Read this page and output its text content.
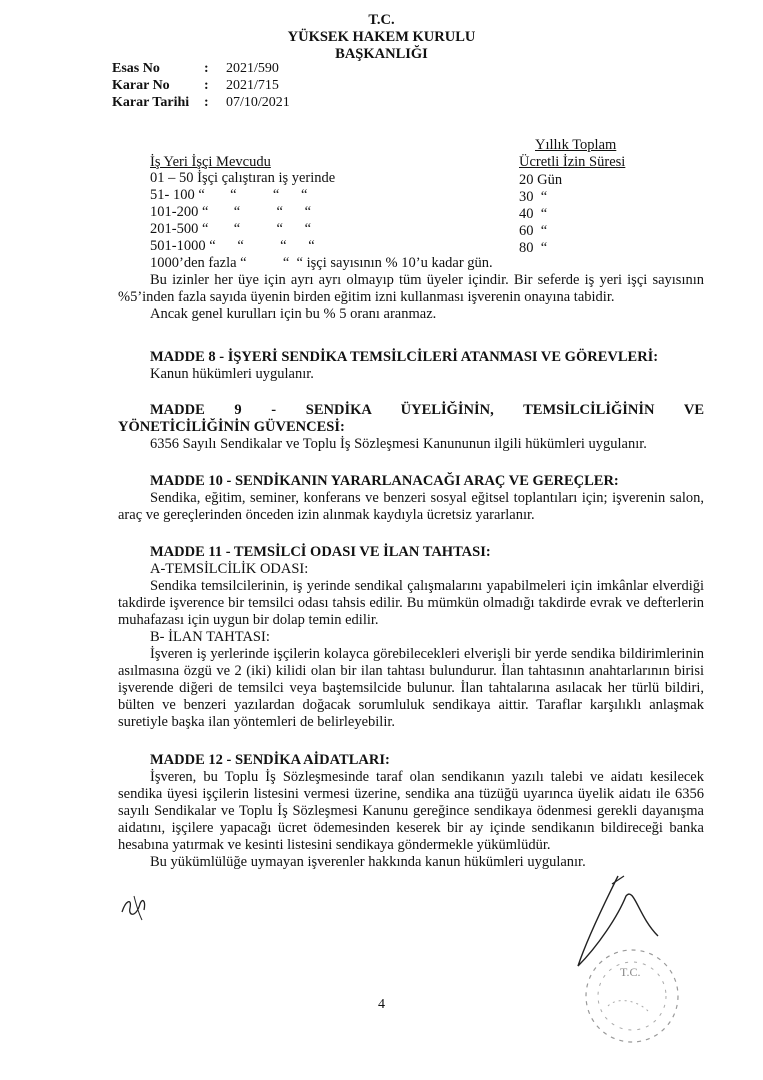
T.C.
YÜKSEK HAKEM KURULU
BAŞKANLIĞI
Esas No	: 2021/590
Karar No : 2021/715
Karar Tarihi : 07/10/2021
Yıllık Toplam
Ücretli İzin Süresi
İş Yeri İşçi Mevcudu
01 – 50 İşçi çalıştıran iş yerinde	20 Gün
51- 100 “       “          “      “	30  “
101-200 “       “          “      “	40  “
201-500 “       “          “      “	60  “
501-1000 “      “          “      “	80  “
1000’den fazla “          “  “ işçi sayısının % 10’u kadar gün.

Bu izinler her üye için ayrı ayrı olmayıp tüm üyeler içindir. Bir seferde iş yeri işçi sayısının %5’inden fazla sayıda üyenin birden eğitim izni kullanması işverenin onayına tabidir.

Ancak genel kurulları için bu % 5 oranı aranmaz.

MADDE 8 - İŞYERİ SENDİKA TEMSİLCİLERİ ATANMASI VE GÖREVLERİ:

Kanun hükümleri uygulanır.

MADDE 9 - SENDİKA ÜYELİĞİNİN, TEMSİLCİLİĞİNİN VE

YÖNETİCİLİĞİNİN GÜVENCESİ:

6356 Sayılı Sendikalar ve Toplu İş Sözleşmesi Kanununun ilgili hükümleri uygulanır.

MADDE 10 - SENDİKANIN YARARLANACAĞI ARAÇ VE GEREÇLER:

Sendika, eğitim, seminer, konferans ve benzeri sosyal eğitsel toplantıları için; işverenin salon, araç ve gereçlerinden önceden izin alınmak kaydıyla ücretsiz yararlanır.

MADDE 11 - TEMSİLCİ ODASI VE İLAN TAHTASI:

A-TEMSİLCİLİK ODASI:

Sendika temsilcilerinin, iş yerinde sendikal çalışmalarını yapabilmeleri için imkânlar elverdiği takdirde işverence bir temsilci odası tahsis edilir. Bu mümkün olmadığı takdirde evrak ve defterlerin muhafazası için uygun bir dolap temin edilir.

B- İLAN TAHTASI:

İşveren iş yerlerinde işçilerin kolayca görebilecekleri elverişli bir yerde sendika bildirimlerinin asılmasına özgü ve 2 (iki) kilidi olan bir ilan tahtası bulundurur. İlan tahtasının anahtarlarının birisi işverende diğeri de temsilci veya baştemsilcide bulunur. İlan tahtalarına asılacak her türlü bildiri, bülten ve benzeri yazılardan doğacak sorumluluk sendikaya aittir. Taraflar karşılıklı anlaşmak suretiyle başka ilan yöntemleri de belirleyebilir.

MADDE 12 - SENDİKA AİDATLARI:

İşveren, bu Toplu İş Sözleşmesinde taraf olan sendikanın yazılı talebi ve aidatı kesilecek sendika üyesi işçilerin listesini vermesi üzerine, sendika ana tüzüğü uyarınca üyelik aidatı ile 6356 sayılı Sendikalar ve Toplu İş Sözleşmesi Kanunu gereğince sendikaya ödenmesi gerekli dayanışma aidatını, işçilere yapacağı ücret ödemesinden keserek bir ay içinde sendikanın bildireceği banka hesabına yatırmak ve kesinti listesini sendikaya göndermekle yükümlüdür.

Bu yükümlülüğe uymayan işverenler hakkında kanun hükümleri uygulanır.

T.C.
4
